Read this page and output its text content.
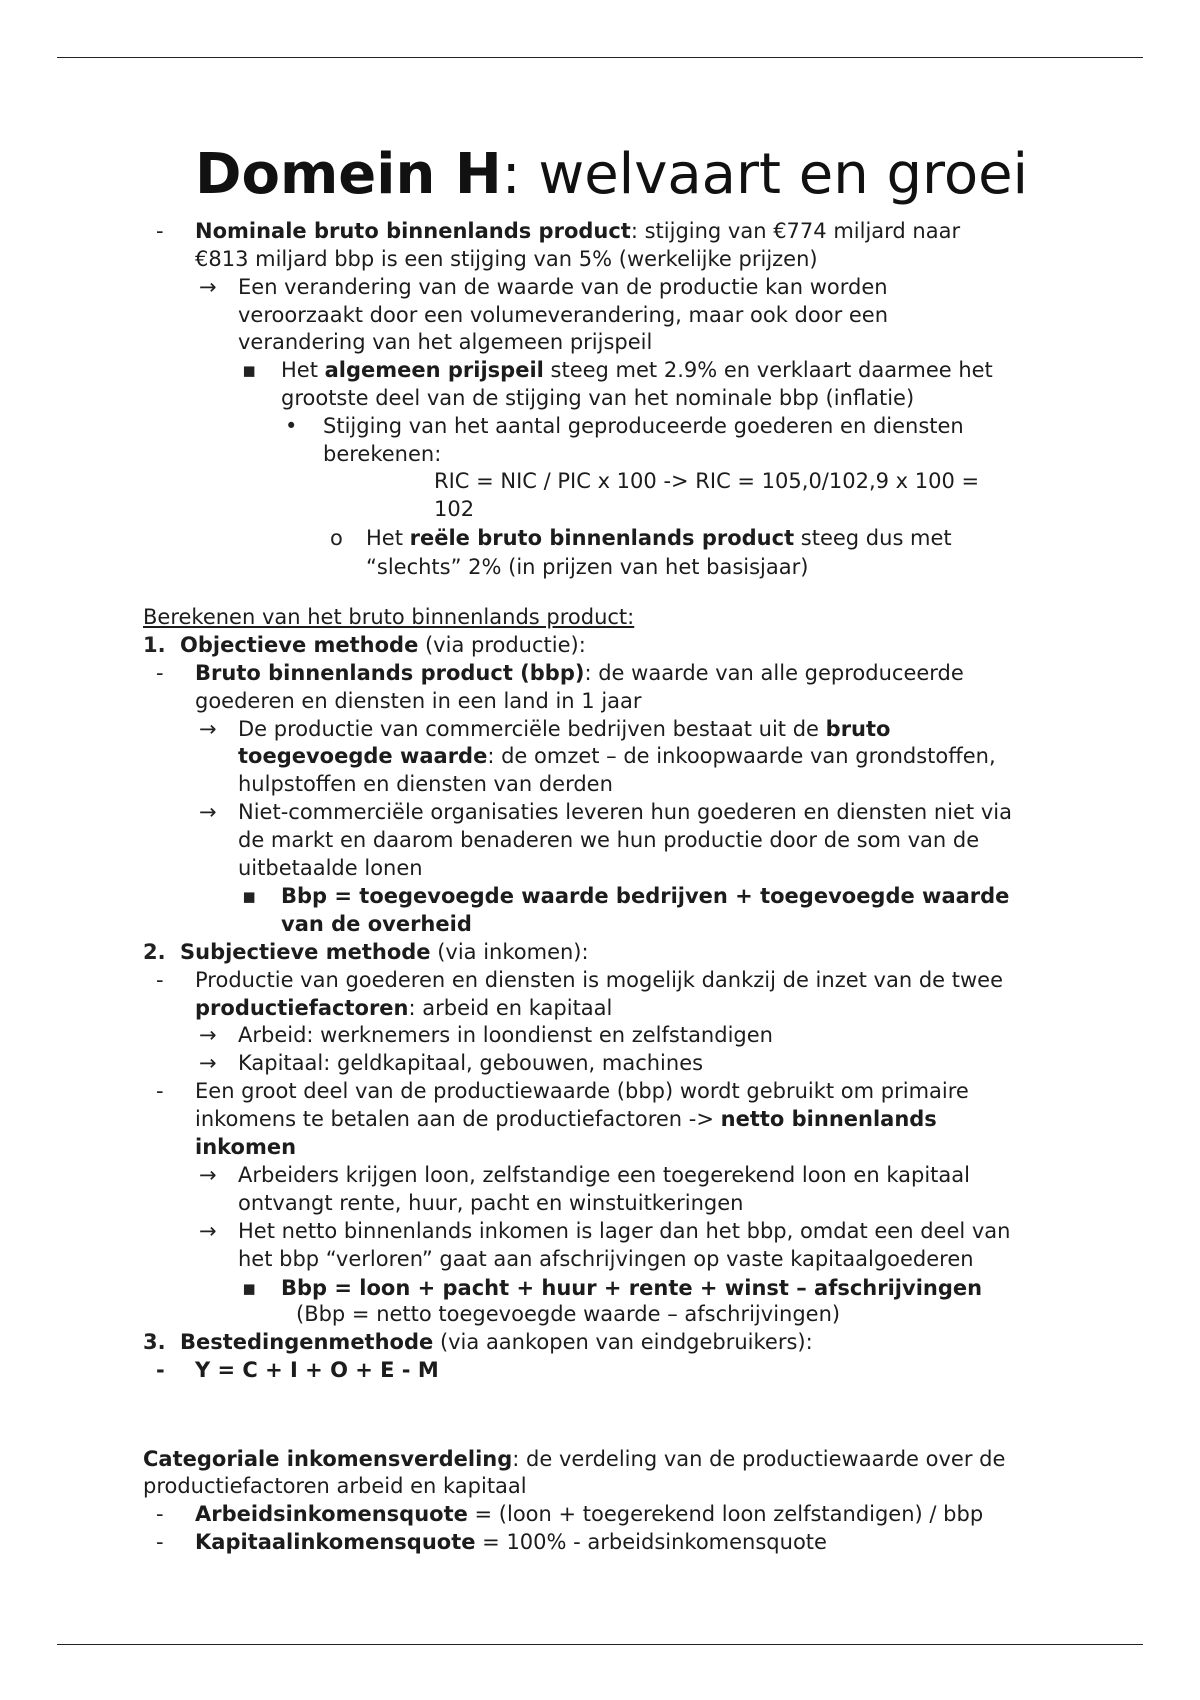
Domein H: welvaart en groei
- Nominale bruto binnenlands product: stijging van €774 miljard naar
€813 miljard bbp is een stijging van 5% (werkelijke prijzen)
→ Een verandering van de waarde van de productie kan worden
veroorzaakt door een volumeverandering, maar ook door een
verandering van het algemeen prijspeil
▪ Het algemeen prijspeil steeg met 2.9% en verklaart daarmee het
grootste deel van de stijging van het nominale bbp (inflatie)
• Stijging van het aantal geproduceerde goederen en diensten
berekenen:
RIC = NIC / PIC x 100 -> RIC = 105,0/102,9 x 100 =
102
o Het reële bruto binnenlands product steeg dus met
“slechts” 2% (in prijzen van het basisjaar)
Berekenen van het bruto binnenlands product:
1. Objectieve methode (via productie):
- Bruto binnenlands product (bbp): de waarde van alle geproduceerde
goederen en diensten in een land in 1 jaar
→ De productie van commerciële bedrijven bestaat uit de bruto
toegevoegde waarde: de omzet – de inkoopwaarde van grondstoffen,
hulpstoffen en diensten van derden
→ Niet-commerciële organisaties leveren hun goederen en diensten niet via
de markt en daarom benaderen we hun productie door de som van de
uitbetaalde lonen
▪ Bbp = toegevoegde waarde bedrijven + toegevoegde waarde
van de overheid
2. Subjectieve methode (via inkomen):
- Productie van goederen en diensten is mogelijk dankzij de inzet van de twee
productiefactoren: arbeid en kapitaal
→ Arbeid: werknemers in loondienst en zelfstandigen
→ Kapitaal: geldkapitaal, gebouwen, machines
- Een groot deel van de productiewaarde (bbp) wordt gebruikt om primaire
inkomens te betalen aan de productiefactoren -> netto binnenlands
inkomen
→ Arbeiders krijgen loon, zelfstandige een toegerekend loon en kapitaal
ontvangt rente, huur, pacht en winstuitkeringen
→ Het netto binnenlands inkomen is lager dan het bbp, omdat een deel van
het bbp “verloren” gaat aan afschrijvingen op vaste kapitaalgoederen
▪ Bbp = loon + pacht + huur + rente + winst – afschrijvingen
(Bbp = netto toegevoegde waarde – afschrijvingen)
3. Bestedingenmethode (via aankopen van eindgebruikers):
- Y = C + I + O + E - M
Categoriale inkomensverdeling: de verdeling van de productiewaarde over de
productiefactoren arbeid en kapitaal
- Arbeidsinkomensquote = (loon + toegerekend loon zelfstandigen) / bbp
- Kapitaalinkomensquote = 100% - arbeidsinkomensquote
